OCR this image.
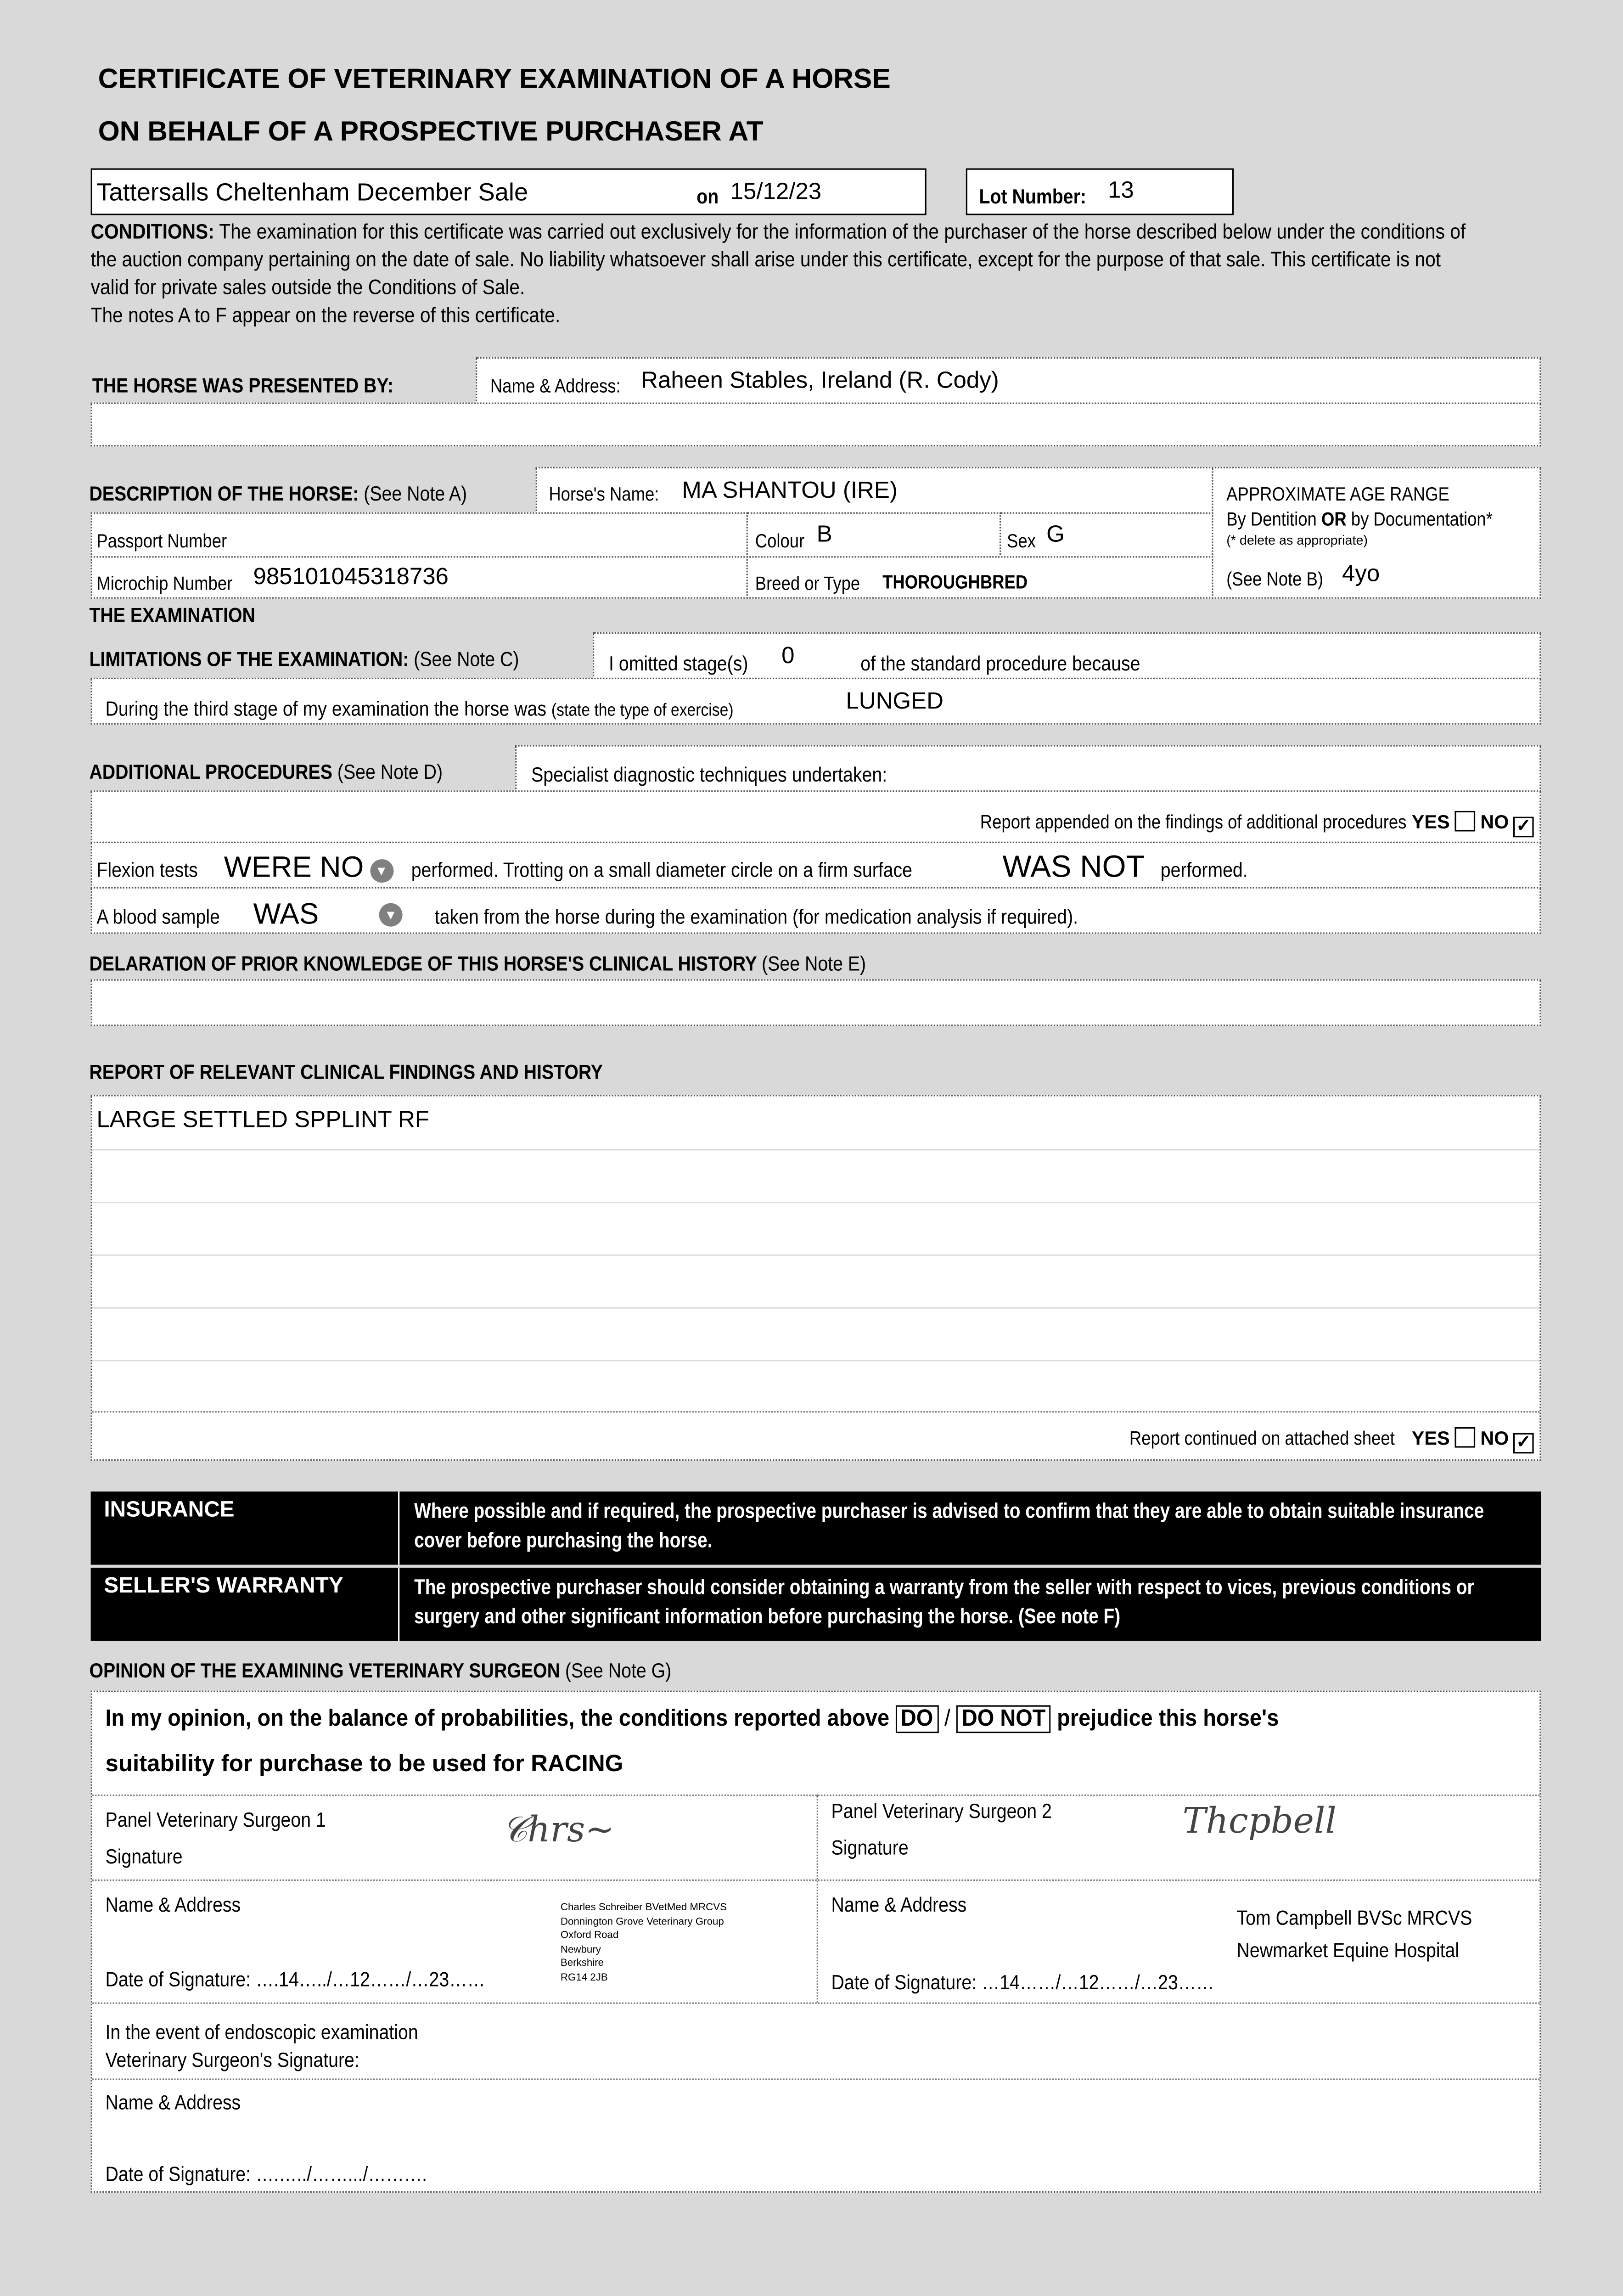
CERTIFICATE OF VETERINARY EXAMINATION OF A HORSE
ON BEHALF OF A PROSPECTIVE PURCHASER AT
Tattersalls Cheltenham December Sale	on 15/12/23	Lot Number:	13
CONDITIONS: The examination for this certificate was carried out exclusively for the information of the purchaser of the horse described below under the conditions of the auction company pertaining on the date of sale. No liability whatsoever shall arise under this certificate, except for the purpose of that sale. This certificate is not valid for private sales outside the Conditions of Sale.
The notes A to F appear on the reverse of this certificate.
THE HORSE WAS PRESENTED BY:	Name & Address:	Raheen Stables, Ireland (R. Cody)
DESCRIPTION OF THE HORSE: (See Note A)	Horse's Name:	MA SHANTOU (IRE)	APPROXIMATE AGE RANGE
By Dentition OR by Documentation*
(* delete as appropriate)
(See Note B)	4yo
Passport Number	Colour B	Sex G
Microchip Number	985101045318736	Breed or Type	THOROUGHBRED
THE EXAMINATION
LIMITATIONS OF THE EXAMINATION: (See Note C)	I omitted stage(s)	0	of the standard procedure because
During the third stage of my examination the horse was (state the type of exercise)	LUNGED
ADDITIONAL PROCEDURES (See Note D)	Specialist diagnostic techniques undertaken:
Report appended on the findings of additional procedures YES	NO ✓
Flexion tests	WERE NO	▼	performed. Trotting on a small diameter circle on a firm surface	WAS NOT performed.
A blood sample	WAS	▼	taken from the horse during the examination (for medication analysis if required).
DELARATION OF PRIOR KNOWLEDGE OF THIS HORSE'S CLINICAL HISTORY (See Note E)
REPORT OF RELEVANT CLINICAL FINDINGS AND HISTORY
LARGE SETTLED SPPLINT RF
Report continued on attached sheet	YES	NO ✓
INSURANCE	Where possible and if required, the prospective purchaser is advised to confirm that they are able to obtain suitable insurance cover before purchasing the horse.
SELLER'S WARRANTY	The prospective purchaser should consider obtaining a warranty from the seller with respect to vices, previous conditions or surgery and other significant information before purchasing the horse. (See note F)
OPINION OF THE EXAMINING VETERINARY SURGEON (See Note G)
In my opinion, on the balance of probabilities, the conditions reported above DO / DO NOT prejudice this horse's
suitability for purchase to be used for RACING
Panel Veterinary Surgeon 1
Signature
𝒞hrs~
Name & Address	Charles Schreiber BVetMed MRCVS
Donnington Grove Veterinary Group
Oxford Road
Newbury
Berkshire
RG14 2JB
Date of Signature: ….14…../…12……/…23……
Panel Veterinary Surgeon 2
Signature
Thcpbell
Name & Address
Tom Campbell BVSc MRCVS
Newmarket Equine Hospital
Date of Signature: …14……/…12……/…23……
In the event of endoscopic examination
Veterinary Surgeon's Signature:
Name & Address
Date of Signature: ….…../…….../……….
